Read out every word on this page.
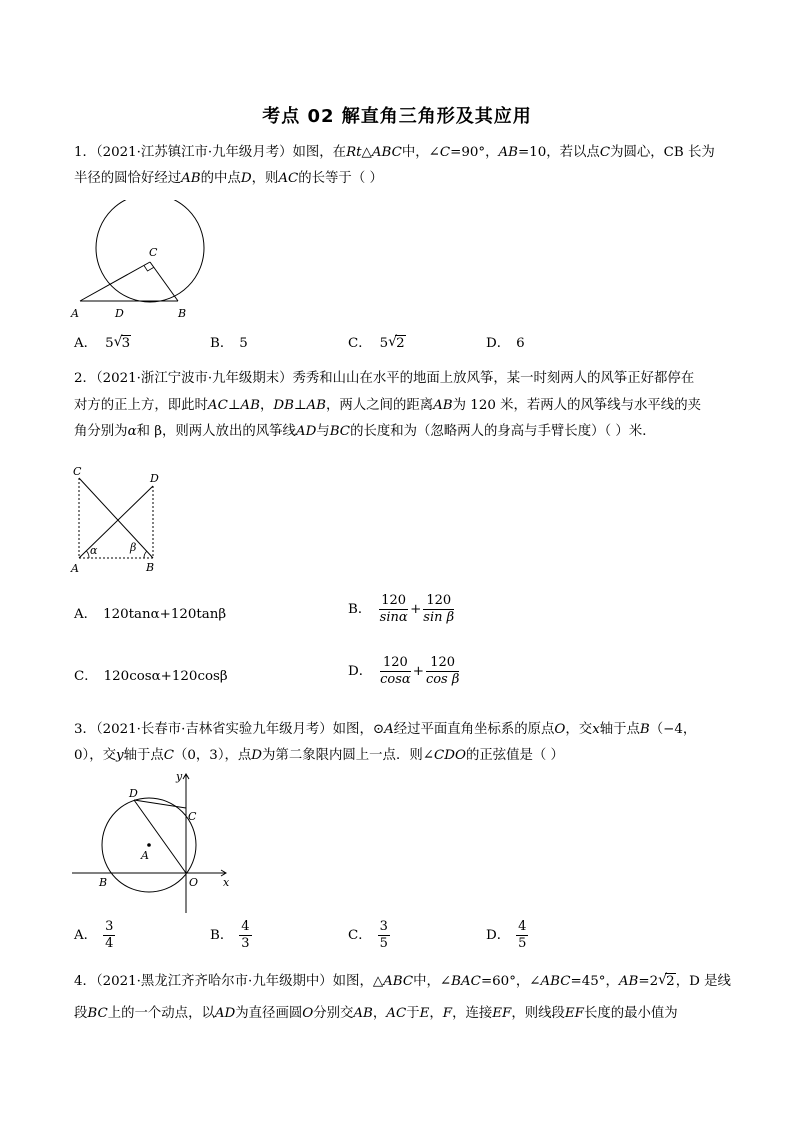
考点 02 解直角三角形及其应用
1．（2021·江苏镇江市·九年级月考）如图，在Rt△ABC中，∠C=90°，AB=10，若以点C为圆心，CB 长为
半径的圆恰好经过AB的中点D，则AC的长等于（ ）
C
A	D	B
A． 5 √ 3	B． 5	C． 5 √ 2	D． 6
2．（2021·浙江宁波市·九年级期末）秀秀和山山在水平的地面上放风筝，某一时刻两人的风筝正好都停在
对方的正上方，即此时AC⊥AB，DB⊥AB，两人之间的距离AB为 120 米，若两人的风筝线与水平线的夹
角分别为α和 β，则两人放出的风筝线AD与BC的长度和为（忽略两人的身高与手臂长度）（ ）米．
C
D
α	β
A	B
A． 120tanα+120tanβ	B． $\frac{120}{\sin\alpha} + \frac{120}{\text{sin β}}$
C． 120cosα+120cosβ	D． $\frac{120}{\cos\alpha} + \frac{120}{\text{cos β}}$
3．（2021·长春市·吉林省实验九年级月考）如图，⊙A经过平面直角坐标系的原点O，交x轴于点B（−4，
0），交y轴于点C（0，3），点D为第二象限内圆上一点．则∠CDO的正弦值是（ ）
D
C
A
B	O x
y
A． $\frac{3}{4}$	B． $\frac{4}{3}$	C． $\frac{3}{5}$	D． $\frac{4}{5}$
4．（2021·黑龙江齐齐哈尔市·九年级期中）如图，△ABC中，∠BAC=60°，∠ABC=45°，AB=2 √ 2，D 是线
段BC上的一个动点，以AD为直径画圆O分别交AB，AC于E，F，连接EF，则线段EF长度的最小值为
